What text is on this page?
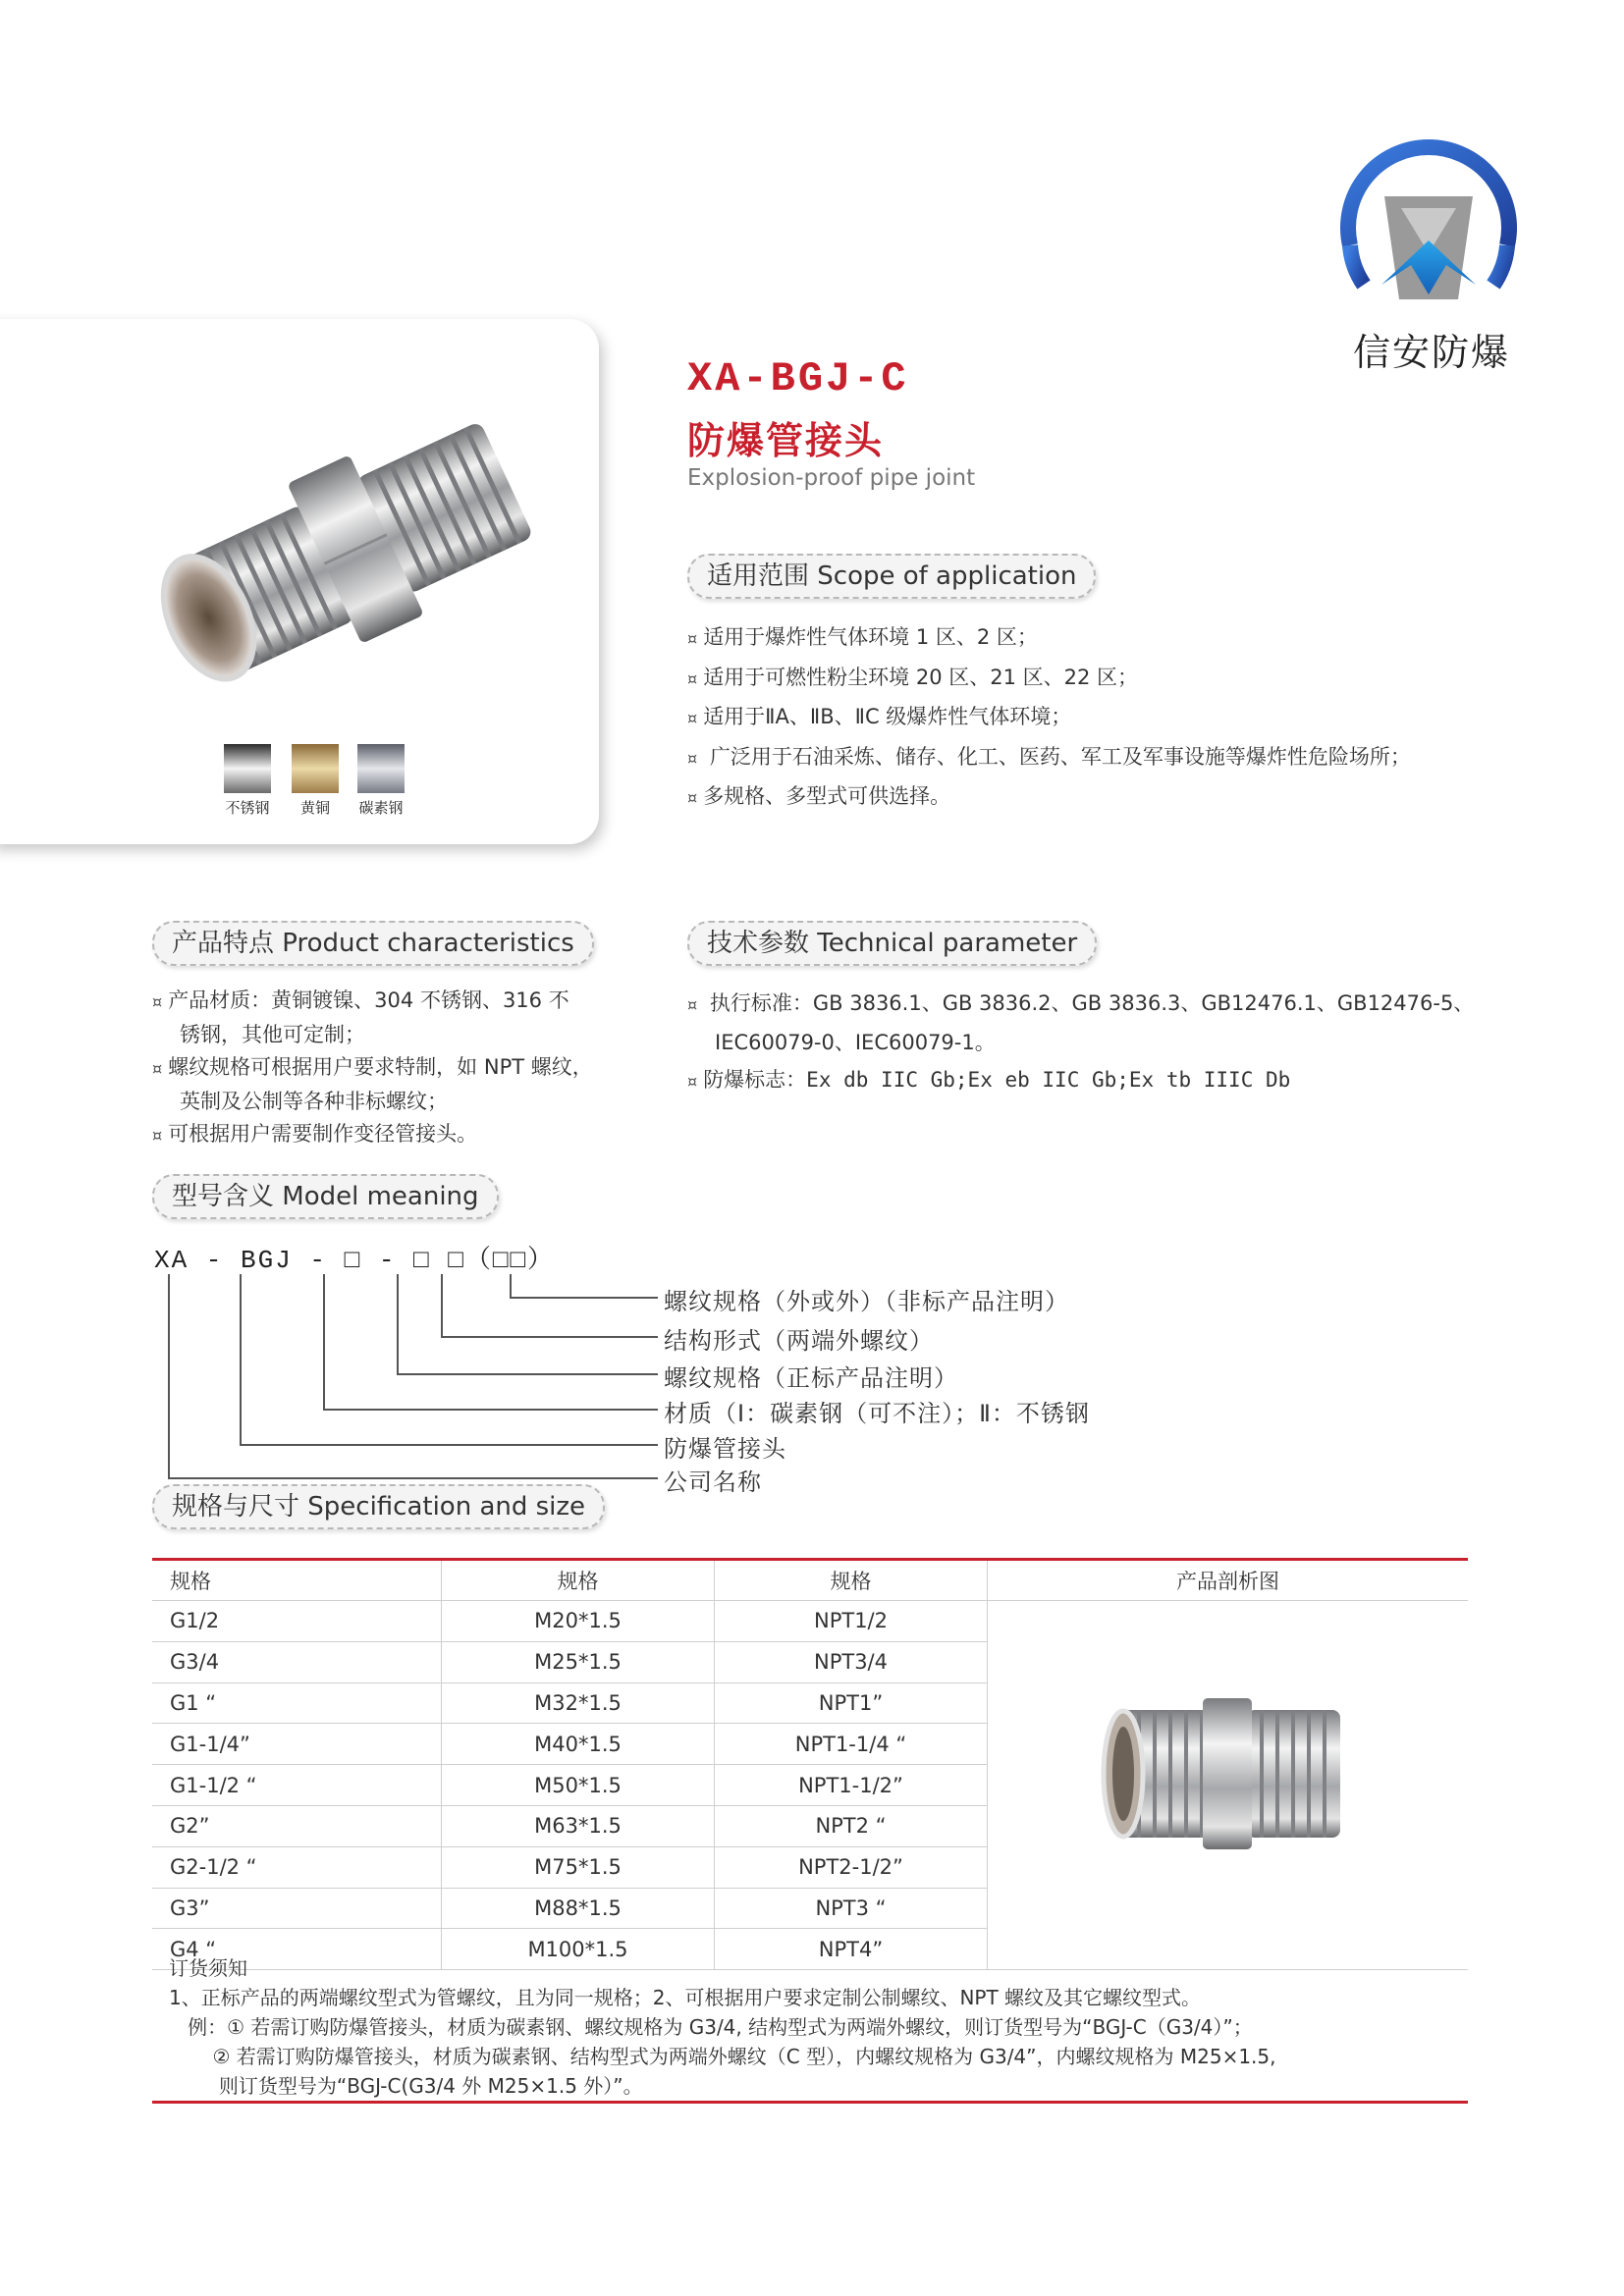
信安防爆
不锈钢	黄铜	碳素钢
XA-BGJ-C
防爆管接头
Explosion-proof pipe joint
适用范围 Scope of application
¤ 适用于爆炸性气体环境 1 区、2 区；
¤ 适用于可燃性粉尘环境 20 区、21 区、22 区；
¤ 适用于ⅡA、ⅡB、ⅡC 级爆炸性气体环境；
¤ 广泛用于石油采炼、储存、化工、医药、军工及军事设施等爆炸性危险场所；
¤ 多规格、多型式可供选择。
产品特点 Product characteristics
¤ 产品材质：黄铜镀镍、304 不锈钢、316 不
锈钢，其他可定制；
¤ 螺纹规格可根据用户要求特制，如 NPT 螺纹，
英制及公制等各种非标螺纹；
¤ 可根据用户需要制作变径管接头。
技术参数 Technical parameter
¤ 执行标准：GB 3836.1、GB 3836.2、GB 3836.3、GB12476.1、GB12476-5、
IEC60079-0、IEC60079-1。
¤ 防爆标志：Ex db IIC Gb;Ex eb IIC Gb;Ex tb IIIC Db
型号含义 Model meaning
XA - BGJ - □ - □ □（□□）
螺纹规格（外或外）（非标产品注明）
结构形式（两端外螺纹）
螺纹规格（正标产品注明）
材质（Ⅰ：碳素钢（可不注）；Ⅱ：不锈钢
防爆管接头
公司名称
规格与尺寸 Specification and size
规格	规格	规格	产品剖析图
G1/2	M20*1.5	NPT1/2	
G3/4	M25*1.5	NPT3/4	
G1 “	M32*1.5	NPT1”	
G1-1/4”	M40*1.5	NPT1-1/4 “	
G1-1/2 “	M50*1.5	NPT1-1/2”	
G2”	M63*1.5	NPT2 “	
G2-1/2 “	M75*1.5	NPT2-1/2”	
G3”	M88*1.5	NPT3 “	
G4 “	M100*1.5	NPT4”	
订货须知
1、正标产品的两端螺纹型式为管螺纹，且为同一规格；2、可根据用户要求定制公制螺纹、NPT 螺纹及其它螺纹型式。
例：① 若需订购防爆管接头，材质为碳素钢、螺纹规格为 G3/4, 结构型式为两端外螺纹，则订货型号为“BGJ-C（G3/4）”；
② 若需订购防爆管接头，材质为碳素钢、结构型式为两端外螺纹（C 型），内螺纹规格为 G3/4”，内螺纹规格为 M25×1.5,
则订货型号为“BGJ-C(G3/4 外 M25×1.5 外）”。
